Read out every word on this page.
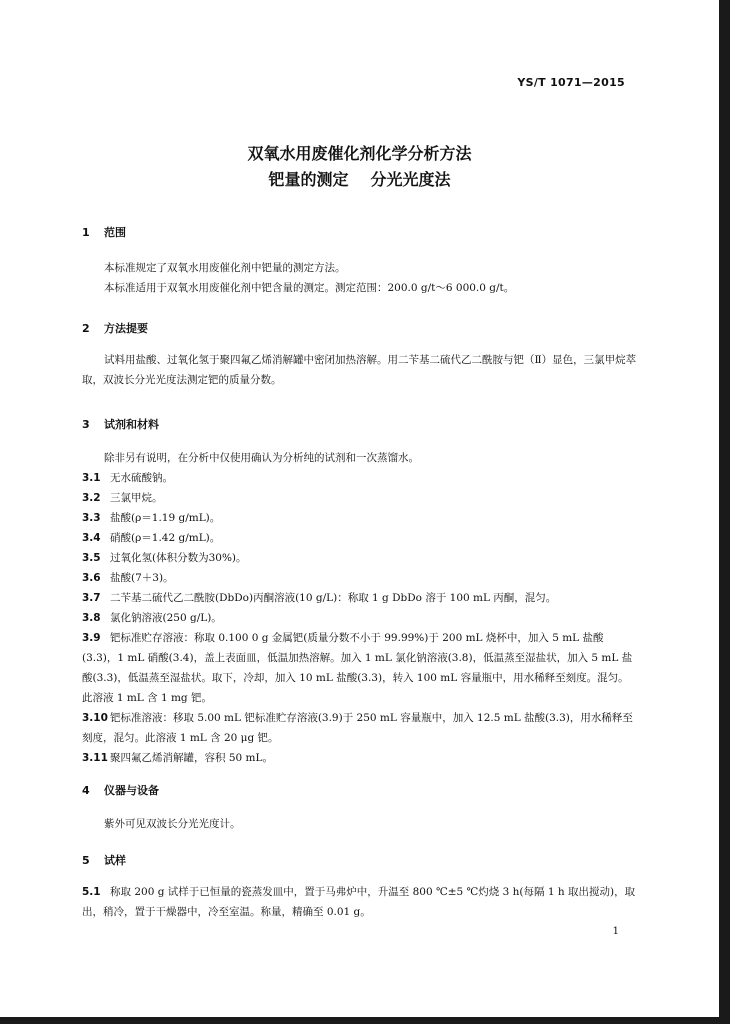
YS/T 1071—2015
双氧水用废催化剂化学分析方法
钯量的测定 分光光度法
1 范围
本标准规定了双氧水用废催化剂中钯量的测定方法。
本标准适用于双氧水用废催化剂中钯含量的测定。测定范围：200.0 g/t～6 000.0 g/t。
2 方法提要
试料用盐酸、过氧化氢于聚四氟乙烯消解罐中密闭加热溶解。用二苄基二硫代乙二酰胺与钯（Ⅱ）显色，三氯甲烷萃取，双波长分光光度法测定钯的质量分数。
3 试剂和材料
除非另有说明，在分析中仅使用确认为分析纯的试剂和一次蒸馏水。
3.1 无水硫酸钠。
3.2 三氯甲烷。
3.3 盐酸(ρ＝1.19 g/mL)。
3.4 硝酸(ρ＝1.42 g/mL)。
3.5 过氧化氢(体积分数为30%)。
3.6 盐酸(7＋3)。
3.7 二苄基二硫代乙二酰胺(DbDo)丙酮溶液(10 g/L)：称取 1 g DbDo 溶于 100 mL 丙酮，混匀。
3.8 氯化钠溶液(250 g/L)。
3.9 钯标准贮存溶液：称取 0.100 0 g 金属钯(质量分数不小于 99.99%)于 200 mL 烧杯中，加入 5 mL 盐酸(3.3)，1 mL 硝酸(3.4)，盖上表面皿，低温加热溶解。加入 1 mL 氯化钠溶液(3.8)，低温蒸至湿盐状，加入 5 mL 盐酸(3.3)，低温蒸至湿盐状。取下，冷却，加入 10 mL 盐酸(3.3)，转入 100 mL 容量瓶中，用水稀释至刻度。混匀。此溶液 1 mL 含 1 mg 钯。
3.10 钯标准溶液：移取 5.00 mL 钯标准贮存溶液(3.9)于 250 mL 容量瓶中，加入 12.5 mL 盐酸(3.3)，用水稀释至刻度，混匀。此溶液 1 mL 含 20 μg 钯。
3.11 聚四氟乙烯消解罐，容积 50 mL。
4 仪器与设备
紫外可见双波长分光光度计。
5 试样
5.1 称取 200 g 试样于已恒量的瓷蒸发皿中，置于马弗炉中，升温至 800 ℃±5 ℃灼烧 3 h(每隔 1 h 取出搅动)，取出，稍冷，置于干燥器中，冷至室温。称量，精确至 0.01 g。
1
